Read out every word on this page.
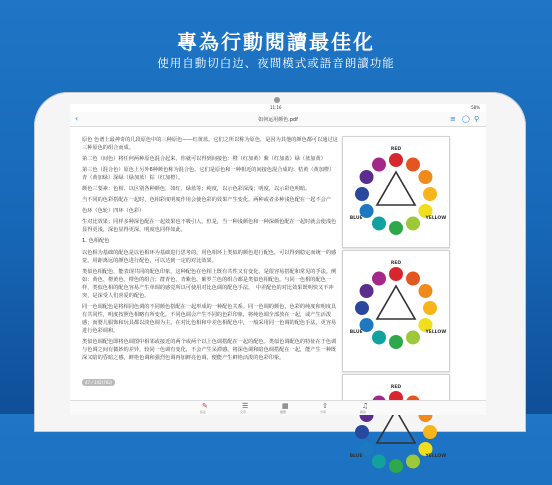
專為行動閱讀最佳化
使用自動切白边、夜間模式或語音朗讀功能
11:16	58%
‹	如何运用颜色.pdf	≡ ◯ ⚲

原色 色谱上最神奇的几段原色中的三种原色——红黄蓝。它们之所以称为原色，是因为其他的颜色都可以通过这三种原色的组合而成。

第二色（间色）将任何两种原色混合起来，你就可以得到间接色：橙（红加黄）紫（红加蓝）绿（蓝加黄）

第三色（混合色）原色上另外6种颜色称为混合色。它们是原色和一种相近的间接色混合成的：桔黄（黄加橙）青（黄加绿）深绿（绿加蓝）棕（红加橙）。

颜色三要素：色相、以区别各种颜色，如红、绿蓝等；纯度，以示色彩深浅；明度，以示彩色明暗。

当不同的色彩搭配在一起时，色相彩度明度作用会使色彩的效果产生变化。两种或者多种浅色配在一起不会产

色环（色轮）四环（色彩）

生对比效果；同样多种深色配在一起效果也不吸引人。但是，当一种浅颜色和一种深颜色配在一起时就会使浅色显得更浅，深色显得更深，明度也同样如此。

1. 色相配色

以色相为基础的配色是以色相环为基础进行思考的，用色相环上类似的颜色进行配色，可以得到稳定而统一的感觉。用距离远的颜色进行配色，可以达到一定的对比效果。

类似色相配色，能表现共同的配色印象。这种配色在色相上既有共性又有变化，是很容易搭配和常见的手法。例如：黄色、橙黄色、橙色的组合；群青色、青紫色、紫罗兰色的组合都是类似色相配色。与同一色相的配色一样，类似色相的配色容易产生单调的感觉所以可使用对比色调的配色手法。　中差配色的对比效果既明快又不冲突，是深受人们喜爱的配色。

同一色调配色是将相同色调的不同颜色搭配在一起形成的一种配色关系。同一色调的颜色，色彩的纯度和明度具有共同性，明度按照色相略有所变化。不同色调会产生不同的色彩印象，将纯色调全部放在一起，或产生活泼感；而婴儿服饰和玩具都以淡色调为主。在对比色相和中差色相配色中，一般采用同一色调的配色手法，更容易进行色彩调和。

类似色调配色即将色调图中相邻或接近的两个或两个以上色调搭配在一起的配色。类似色调配色的特征在于色调与色调之间有微妙的差异，较同一色调有变化，不会产生呆滞感。将深色调和暗色调搭配在一起，能产生一种既深又暗的昏暗之感，鲜艳色调和强烈色调再加鲜亮色调，便能产生鲜艳活泼的色彩印象。

47 / 142(782)
RED
YELLOW
BLUE
RED
YELLOW
BLUE
RED
YELLOW
BLUE
✎
标注
☰
文字
▦
缩图
⇧
分享
♫
朗读
